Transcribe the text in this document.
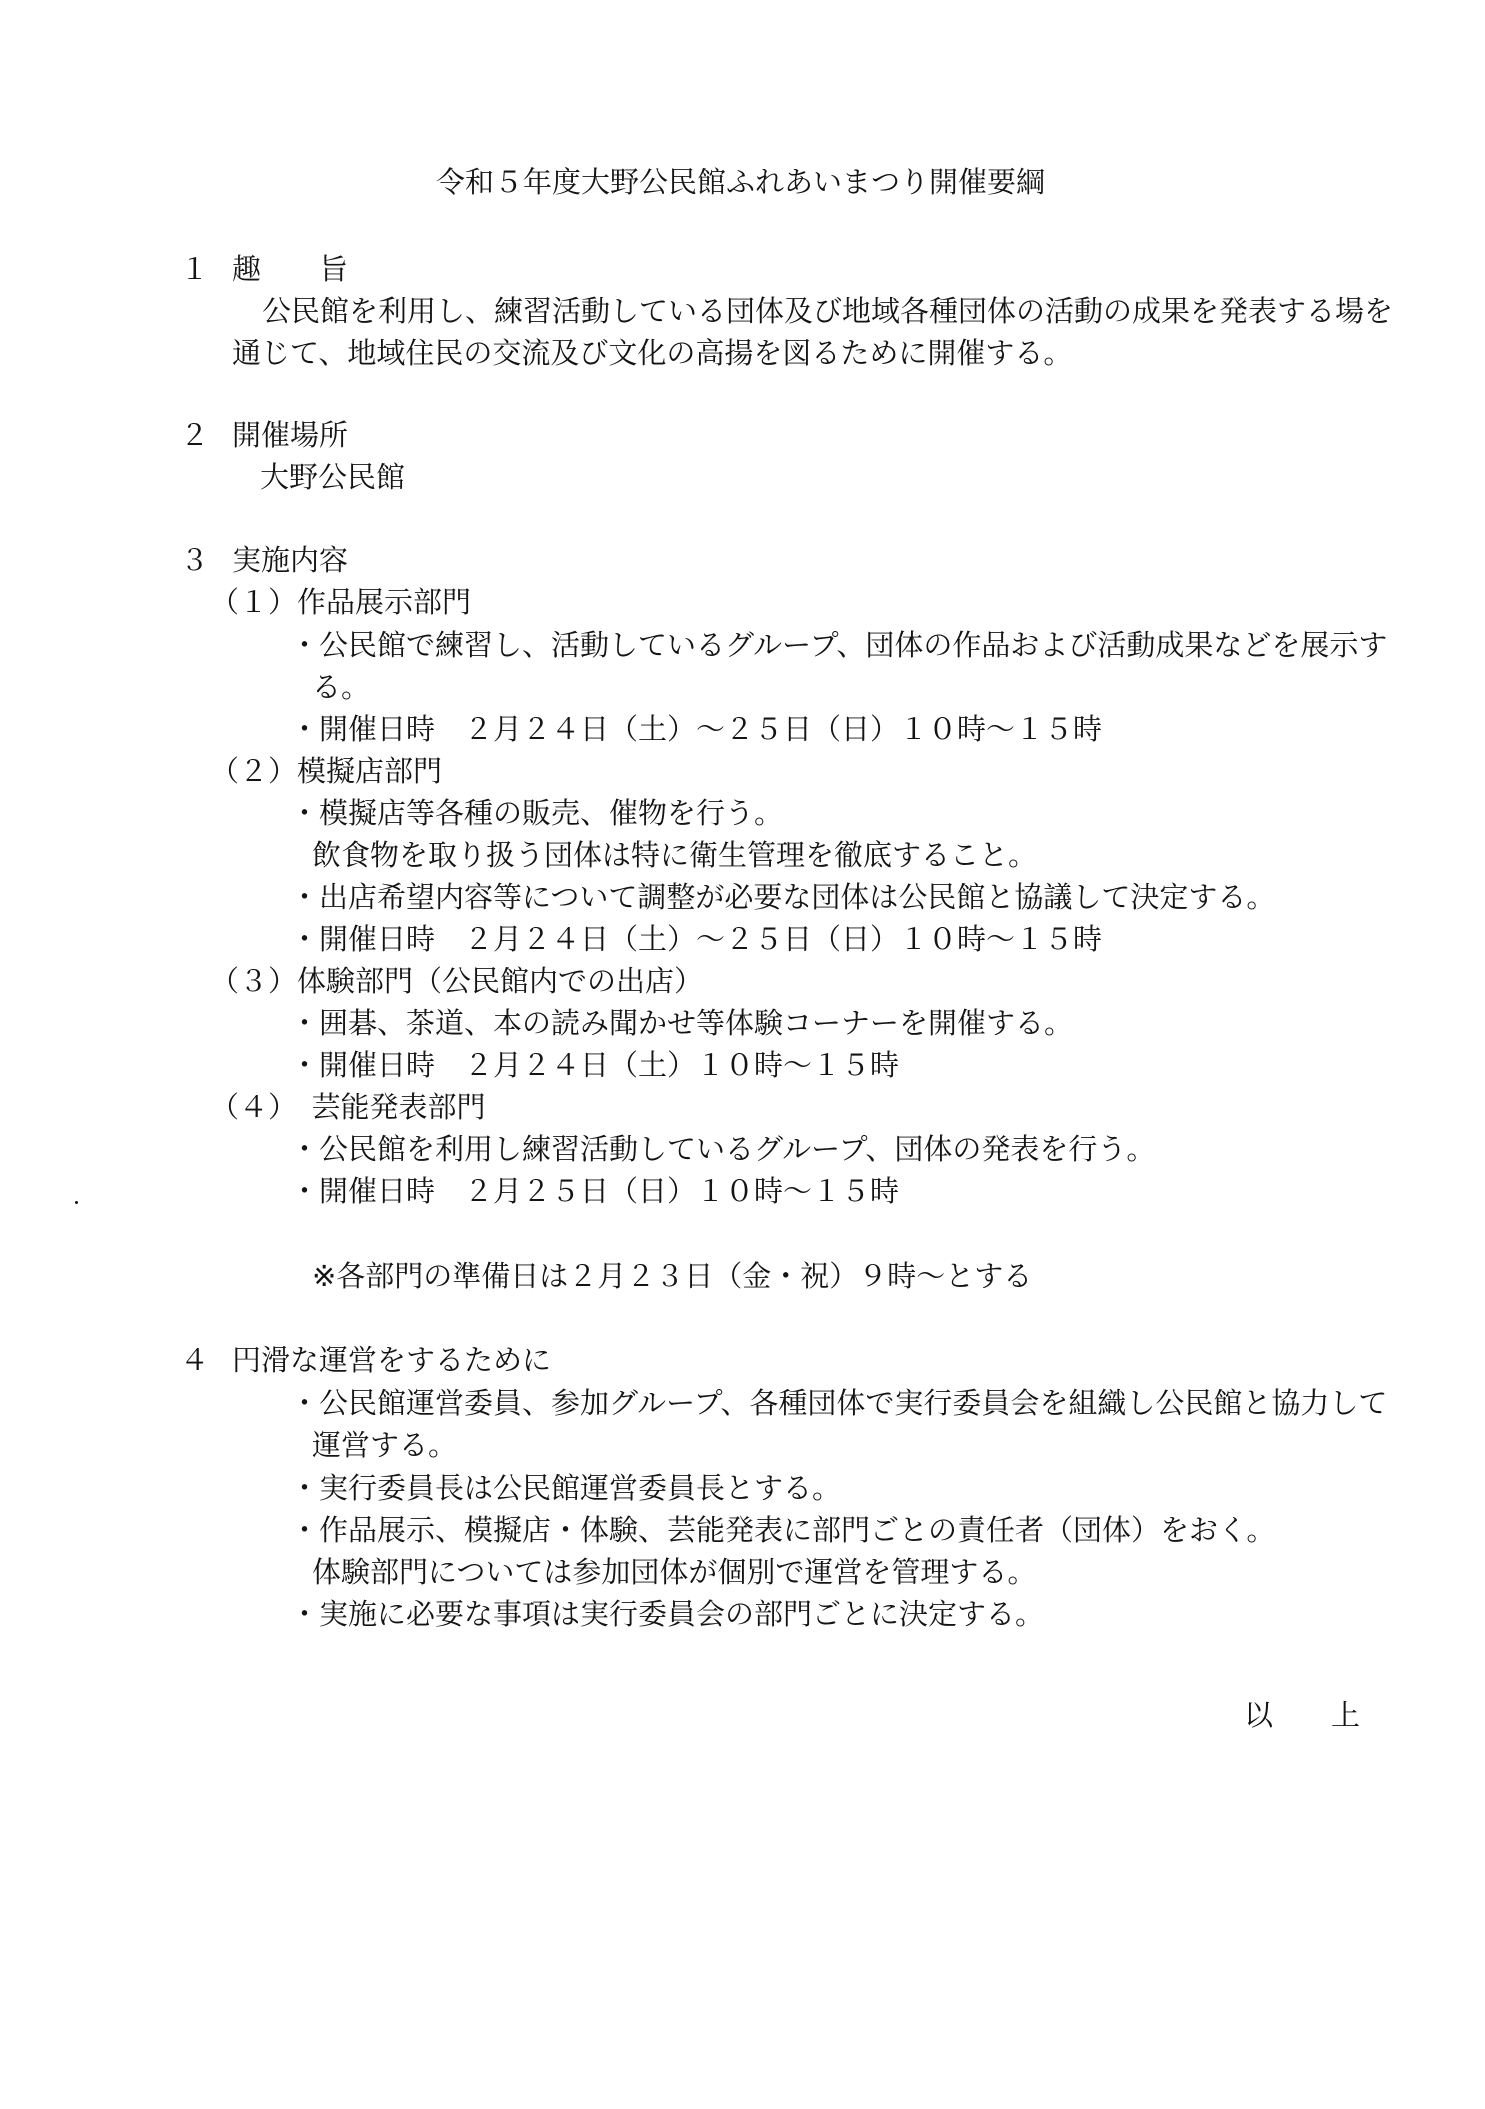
令和５年度大野公民館ふれあいまつり開催要綱
１ 趣　　旨
公民館を利用し、練習活動している団体及び地域各種団体の活動の成果を発表する場を
通じて、地域住民の交流及び文化の高揚を図るために開催する。
２ 開催場所
大野公民館
３ 実施内容
（１）作品展示部門
・公民館で練習し、活動しているグループ、団体の作品および活動成果などを展示す
る。
・開催日時　２月２４日（土）～２５日（日）１０時～１５時
（２）模擬店部門
・模擬店等各種の販売、催物を行う。
飲食物を取り扱う団体は特に衛生管理を徹底すること。
・出店希望内容等について調整が必要な団体は公民館と協議して決定する。
・開催日時　２月２４日（土）～２５日（日）１０時～１５時
（３）体験部門（公民館内での出店）
・囲碁、茶道、本の読み聞かせ等体験コーナーを開催する。
・開催日時　２月２４日（土）１０時～１５時
（４）　芸能発表部門
・公民館を利用し練習活動しているグループ、団体の発表を行う。
・開催日時　２月２５日（日）１０時～１５時
※各部門の準備日は２月２３日（金・祝）９時～とする
４ 円滑な運営をするために
・公民館運営委員、参加グループ、各種団体で実行委員会を組織し公民館と協力して
運営する。
・実行委員長は公民館運営委員長とする。
・作品展示、模擬店・体験、芸能発表に部門ごとの責任者（団体）をおく。
体験部門については参加団体が個別で運営を管理する。
・実施に必要な事項は実行委員会の部門ごとに決定する。
以　　上
